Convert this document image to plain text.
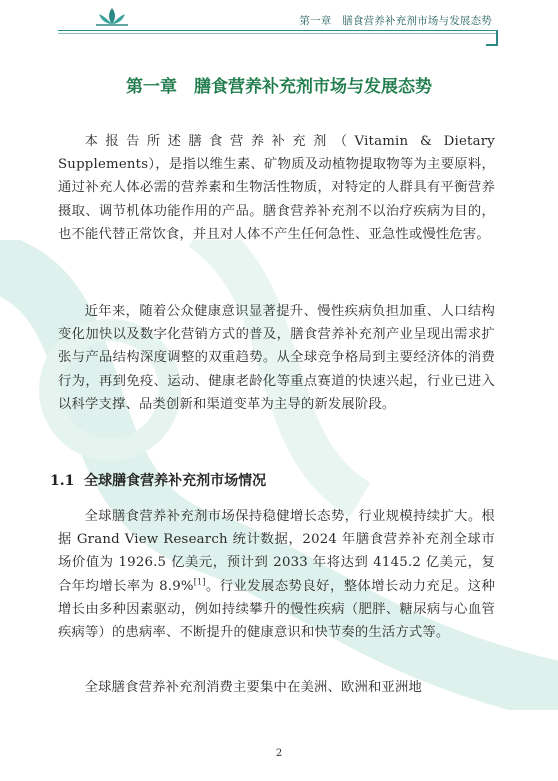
第一章　膳食营养补充剂市场与发展态势
第一章　膳食营养补充剂市场与发展态势
本报告所述膳食营养补充剂（Vitamin & Dietary Supplements），是指以维生素、矿物质及动植物提取物等为主要原料，通过补充人体必需的营养素和生物活性物质，对特定的人群具有平衡营养摄取、调节机体功能作用的产品。膳食营养补充剂不以治疗疾病为目的，也不能代替正常饮食，并且对人体不产生任何急性、亚急性或慢性危害。
近年来，随着公众健康意识显著提升、慢性疾病负担加重、人口结构变化加快以及数字化营销方式的普及，膳食营养补充剂产业呈现出需求扩张与产品结构深度调整的双重趋势。从全球竞争格局到主要经济体的消费行为，再到免疫、运动、健康老龄化等重点赛道的快速兴起，行业已进入以科学支撑、品类创新和渠道变革为主导的新发展阶段。
1.1 全球膳食营养补充剂市场情况
全球膳食营养补充剂市场保持稳健增长态势，行业规模持续扩大。根据 Grand View Research 统计数据，2024 年膳食营养补充剂全球市场价值为 1926.5 亿美元，预计到 2033 年将达到 4145.2 亿美元，复合年均增长率为 8.9%[1]。行业发展态势良好，整体增长动力充足。这种增长由多种因素驱动，例如持续攀升的慢性疾病（肥胖、糖尿病与心血管疾病等）的患病率、不断提升的健康意识和快节奏的生活方式等。
全球膳食营养补充剂消费主要集中在美洲、欧洲和亚洲地
2
